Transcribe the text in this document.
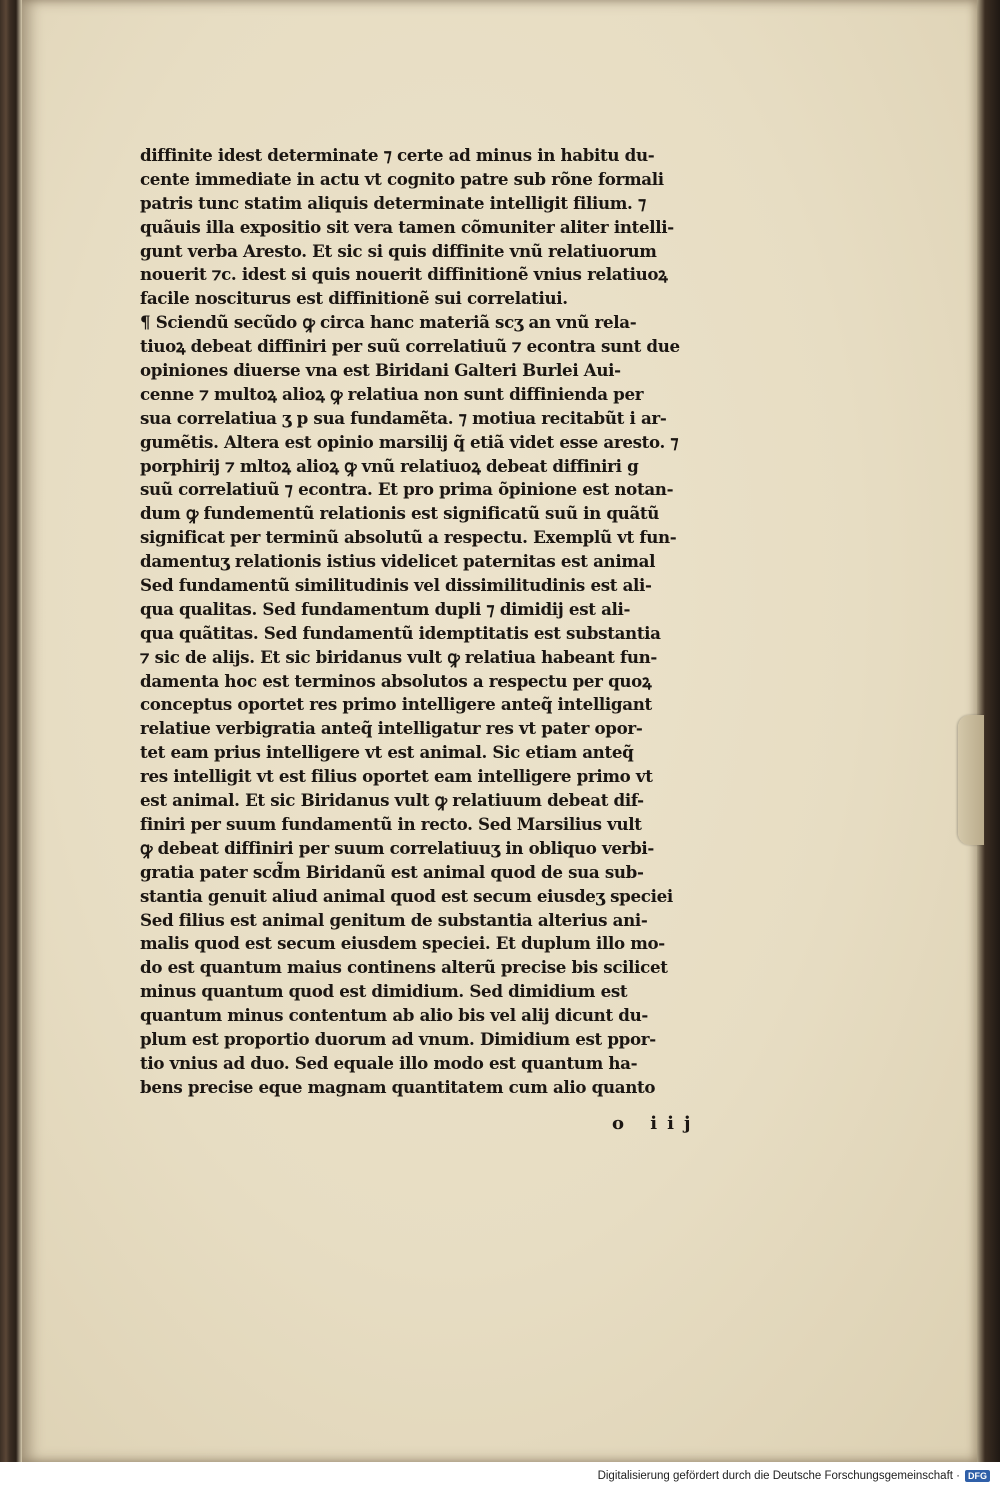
diffinite idest determinate ⁊ certe ad minus in habitu du-
cente immediate in actu vt cognito patre sub rõne formali
patris tunc statim aliquis determinate intelligit filium. ⁊
quãuis illa expositio sit vera tamen cõmuniter aliter intelli-
gunt verba Aresto. Et sic si quis diffinite vnũ relatiuorum
nouerit ⁊c. idest si quis nouerit diffinitionẽ vnius relatiuoꝝ
facile nosciturus est diffinitionẽ sui correlatiui.
¶ Sciendũ secũdo ꝙ circa hanc materiã scʒ an vnũ rela-
tiuoꝝ debeat diffiniri per suũ correlatiuũ ⁊ econtra sunt due
opiniones diuerse vna est Biridani Galteri Burlei Aui-
cenne ⁊ multoꝝ alioꝝ ꝙ relatiua non sunt diffinienda per
sua correlatiua ʒ p sua fundamẽta. ⁊ motiua recitabũt i ar-
gumẽtis. Altera est opinio marsilij q̃ etiã videt esse aresto. ⁊
porphirij ⁊ mltoꝝ alioꝝ ꝙ vnũ relatiuoꝝ debeat diffiniri g
suũ correlatiuũ ⁊ econtra. Et pro prima õpinione est notan-
dum ꝙ fundementũ relationis est significatũ suũ in quãtũ
significat per terminũ absolutũ a respectu. Exemplũ vt fun-
damentuʒ relationis istius videlicet paternitas est animal
Sed fundamentũ similitudinis vel dissimilitudinis est ali-
qua qualitas. Sed fundamentum dupli ⁊ dimidij est ali-
qua quãtitas. Sed fundamentũ idemptitatis est substantia
⁊ sic de alijs. Et sic biridanus vult ꝙ relatiua habeant fun-
damenta hoc est terminos absolutos a respectu per quoꝝ
conceptus oportet res primo intelligere anteq̃ intelligant
relatiue verbigratia anteq̃ intelligatur res vt pater opor-
tet eam prius intelligere vt est animal. Sic etiam anteq̃
res intelligit vt est filius oportet eam intelligere primo vt
est animal. Et sic Biridanus vult ꝙ relatiuum debeat dif-
finiri per suum fundamentũ in recto. Sed Marsilius vult
ꝙ debeat diffiniri per suum correlatiuuʒ in obliquo verbi-
gratia pater scd̃m Biridanũ est animal quod de sua sub-
stantia genuit aliud animal quod est secum eiusdeʒ speciei
Sed filius est animal genitum de substantia alterius ani-
malis quod est secum eiusdem speciei. Et duplum illo mo-
do est quantum maius continens alterũ precise bis scilicet
minus quantum quod est dimidium. Sed dimidium est
quantum minus contentum ab alio bis vel alij dicunt du-
plum est proportio duorum ad vnum. Dimidium est ppor-
tio vnius ad duo. Sed equale illo modo est quantum ha-
bens precise eque magnam quantitatem cum alio quanto
o iij
Digitalisierung gefördert durch die Deutsche Forschungsgemeinschaft · DFG
